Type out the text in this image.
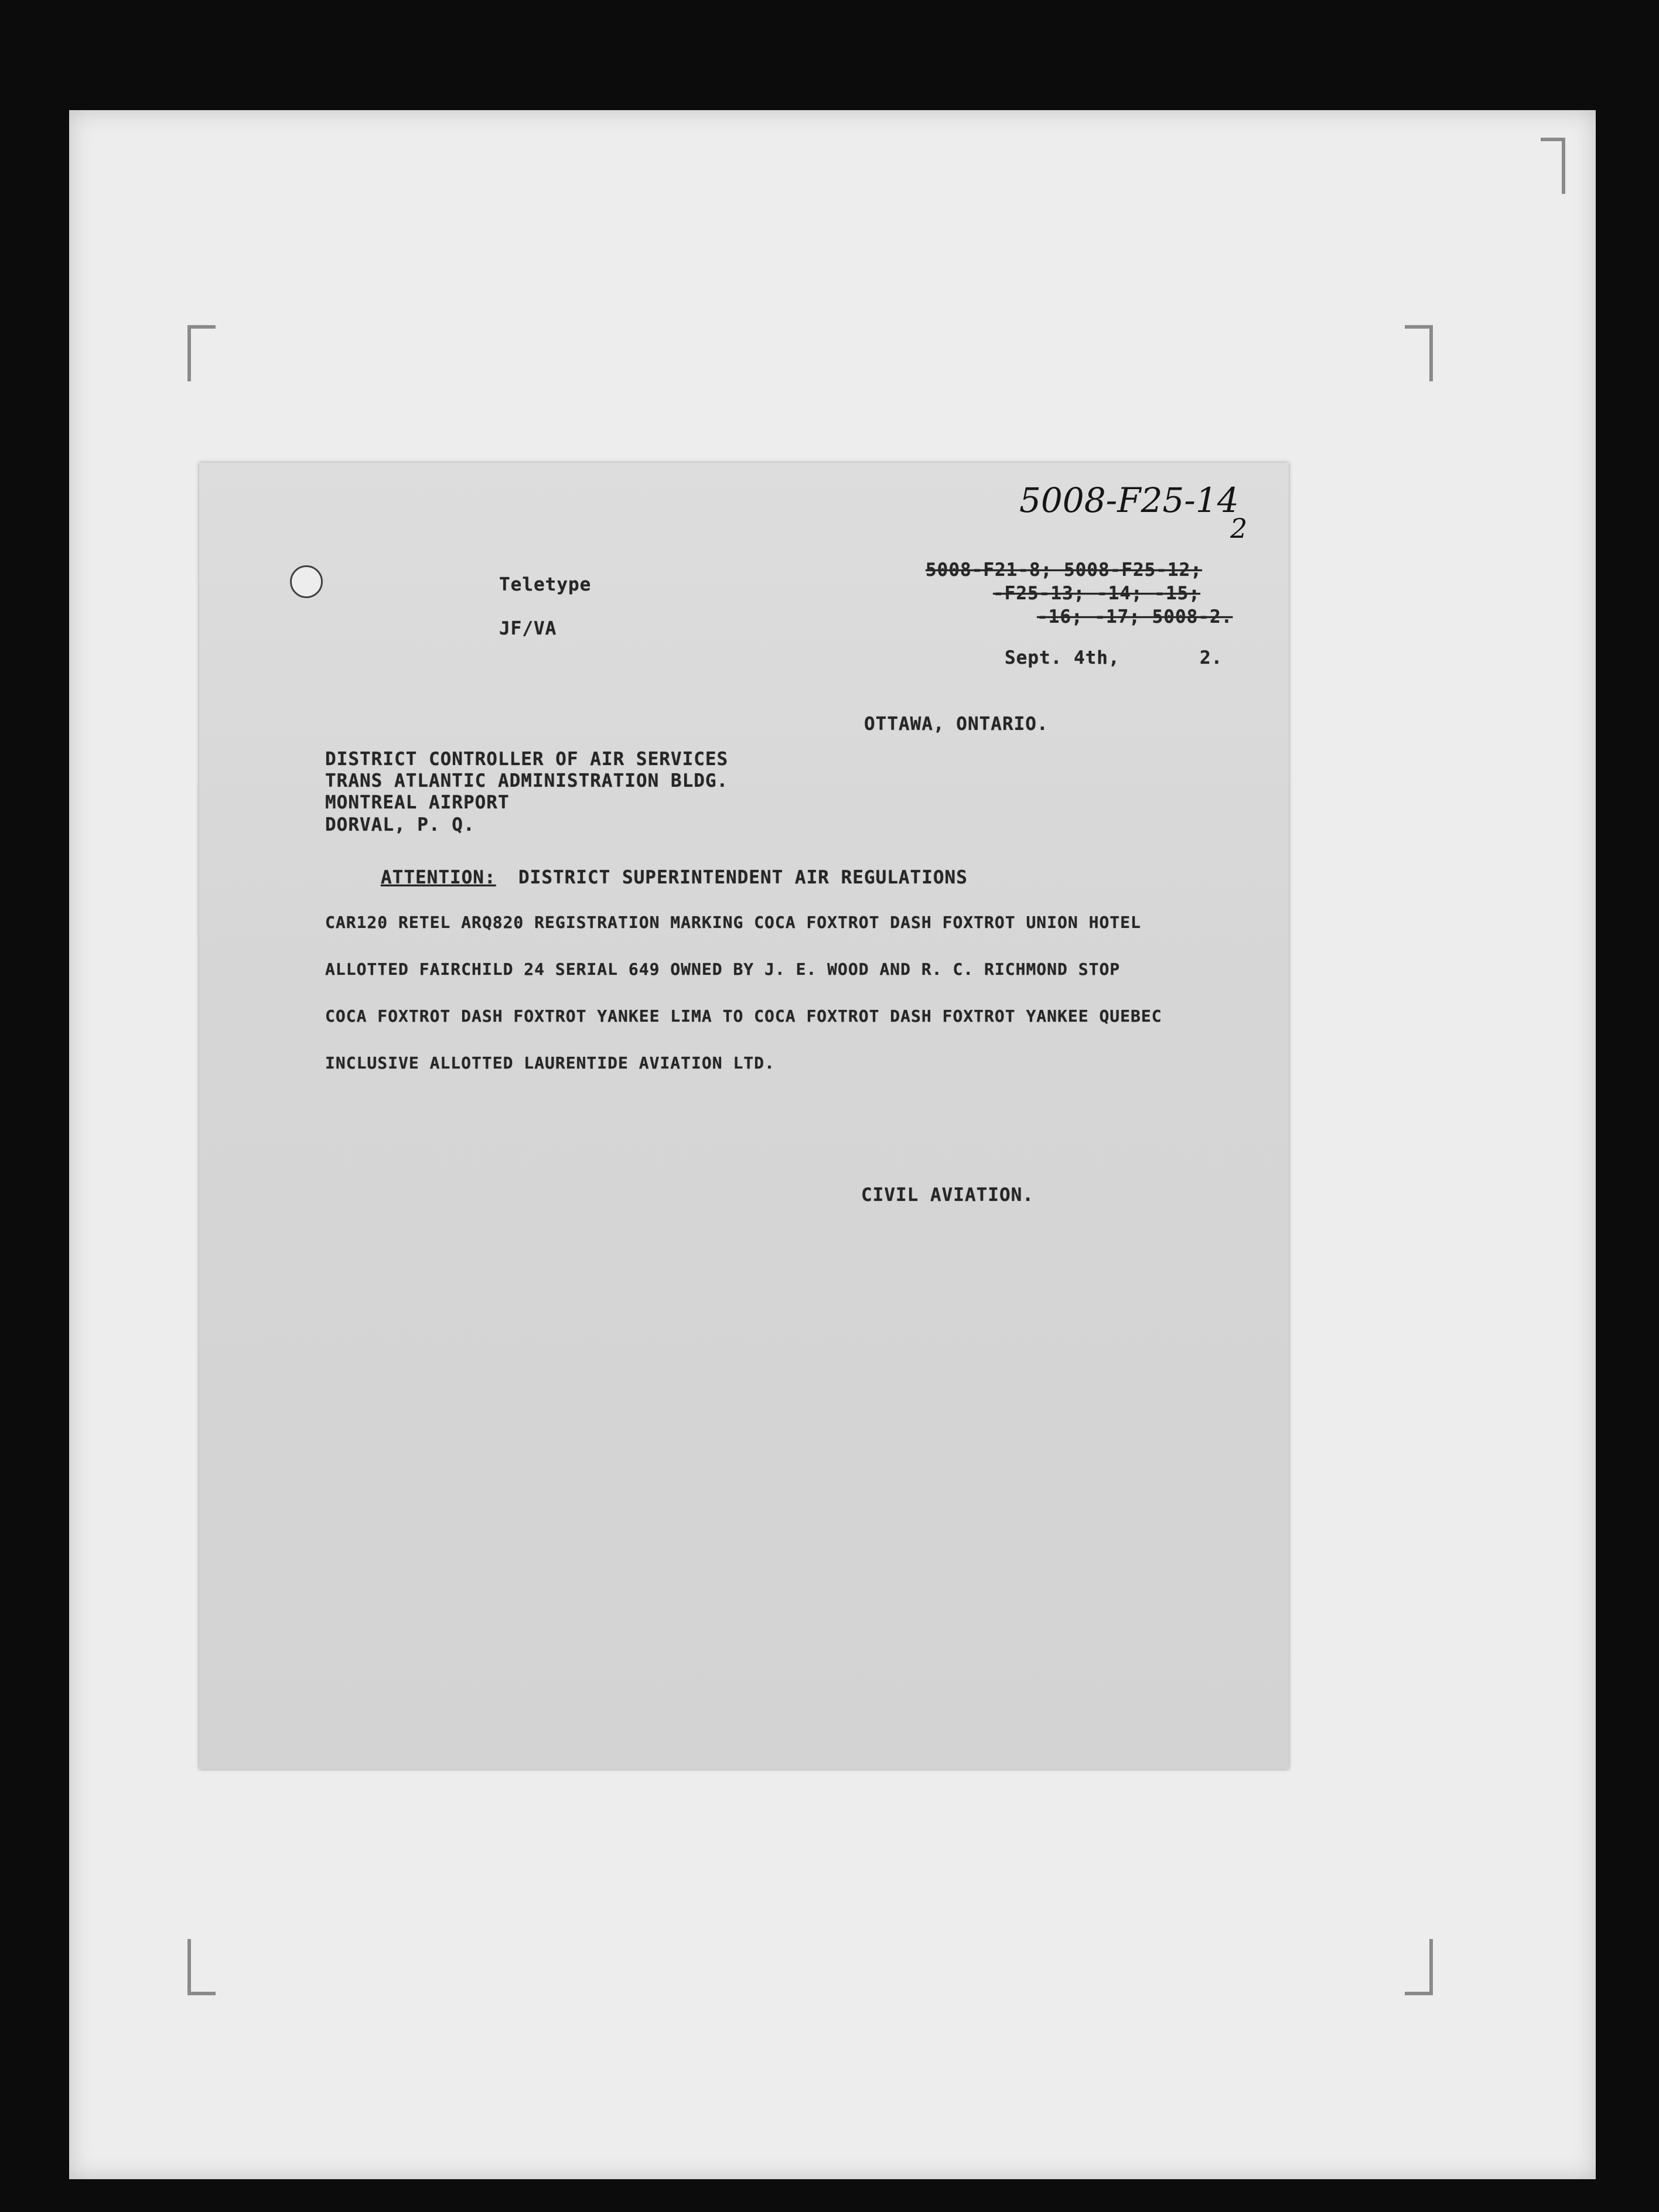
5008-F25-14
2
Teletype
JF/VA
5008-F21-8; 5008-F25-12;
-F25-13; -14; -15;
-16; -17; 5008-2.
Sept. 4th,	2.
OTTAWA, ONTARIO.
DISTRICT CONTROLLER OF AIR SERVICES
TRANS ATLANTIC ADMINISTRATION BLDG.
MONTREAL AIRPORT
DORVAL, P. Q.
ATTENTION: DISTRICT SUPERINTENDENT AIR REGULATIONS
CAR120 RETEL ARQ820 REGISTRATION MARKING COCA FOXTROT DASH FOXTROT UNION HOTEL
ALLOTTED FAIRCHILD 24 SERIAL 649 OWNED BY J. E. WOOD AND R. C. RICHMOND STOP
COCA FOXTROT DASH FOXTROT YANKEE LIMA TO COCA FOXTROT DASH FOXTROT YANKEE QUEBEC
INCLUSIVE ALLOTTED LAURENTIDE AVIATION LTD.
CIVIL AVIATION.
